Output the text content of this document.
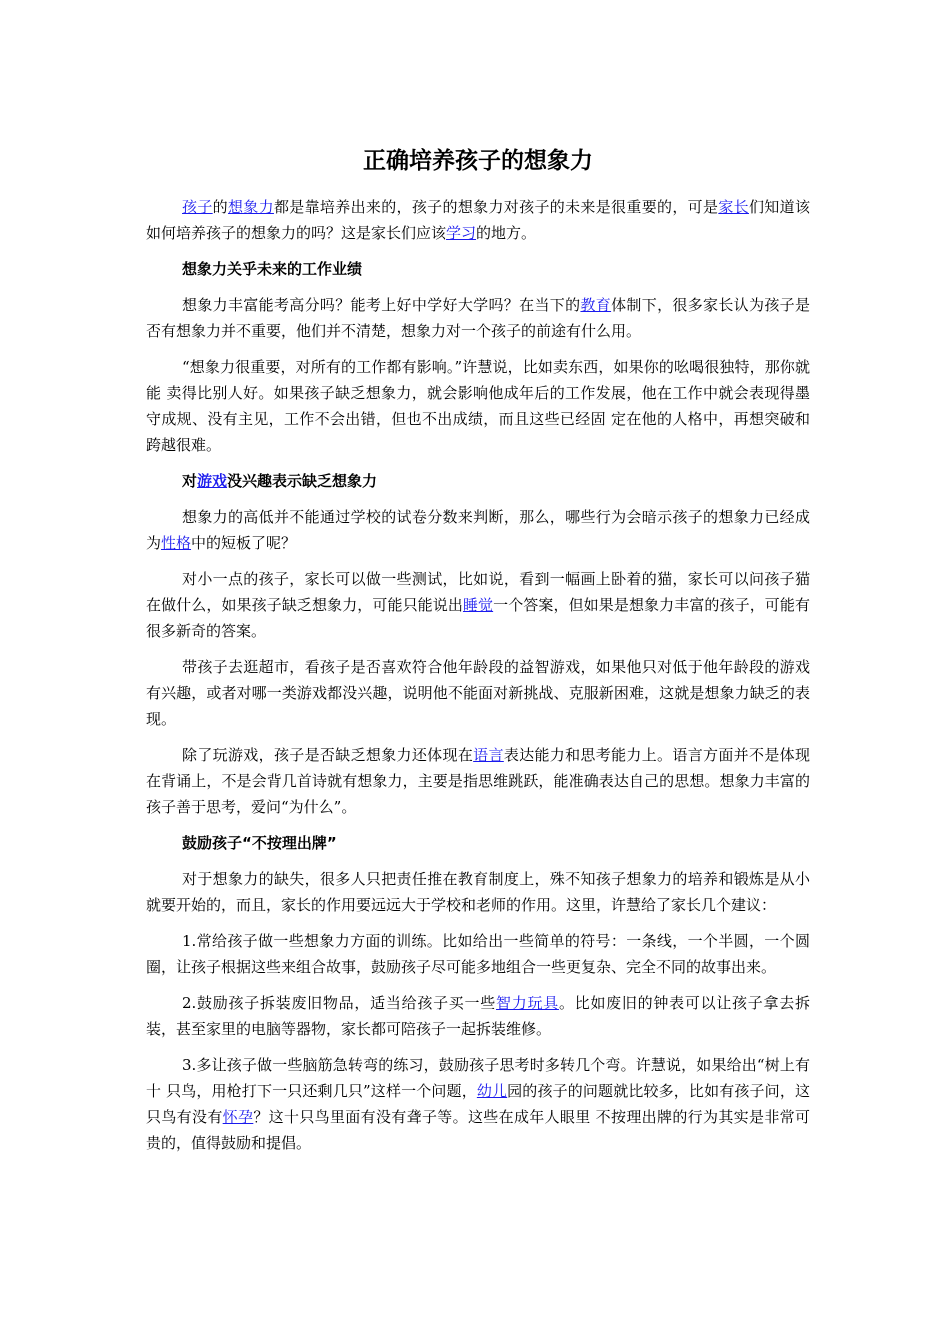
正确培养孩子的想象力

孩子的想象力都是靠培养出来的，孩子的想象力对孩子的未来是很重要的，可是家长们知道该如何培养孩子的想象力的吗？这是家长们应该学习的地方。

想象力关乎未来的工作业绩

想象力丰富能考高分吗？能考上好中学好大学吗？在当下的教育体制下，很多家长认为孩子是否有想象力并不重要，他们并不清楚，想象力对一个孩子的前途有什么用。

“想象力很重要，对所有的工作都有影响。”许慧说，比如卖东西，如果你的吆喝很独特，那你就能 卖得比别人好。如果孩子缺乏想象力，就会影响他成年后的工作发展，他在工作中就会表现得墨守成规、没有主见，工作不会出错，但也不出成绩，而且这些已经固 定在他的人格中，再想突破和跨越很难。

对游戏没兴趣表示缺乏想象力

想象力的高低并不能通过学校的试卷分数来判断，那么，哪些行为会暗示孩子的想象力已经成为性格中的短板了呢？

对小一点的孩子，家长可以做一些测试，比如说，看到一幅画上卧着的猫，家长可以问孩子猫在做什么，如果孩子缺乏想象力，可能只能说出睡觉一个答案，但如果是想象力丰富的孩子，可能有很多新奇的答案。

带孩子去逛超市，看孩子是否喜欢符合他年龄段的益智游戏，如果他只对低于他年龄段的游戏有兴趣，或者对哪一类游戏都没兴趣，说明他不能面对新挑战、克服新困难，这就是想象力缺乏的表现。

除了玩游戏，孩子是否缺乏想象力还体现在语言表达能力和思考能力上。语言方面并不是体现在背诵上，不是会背几首诗就有想象力，主要是指思维跳跃，能准确表达自己的思想。想象力丰富的孩子善于思考，爱问“为什么”。

鼓励孩子“不按理出牌”

对于想象力的缺失，很多人只把责任推在教育制度上，殊不知孩子想象力的培养和锻炼是从小就要开始的，而且，家长的作用要远远大于学校和老师的作用。这里，许慧给了家长几个建议：

1.常给孩子做一些想象力方面的训练。比如给出一些简单的符号：一条线，一个半圆，一个圆圈，让孩子根据这些来组合故事，鼓励孩子尽可能多地组合一些更复杂、完全不同的故事出来。

2.鼓励孩子拆装废旧物品，适当给孩子买一些智力玩具。比如废旧的钟表可以让孩子拿去拆装，甚至家里的电脑等器物，家长都可陪孩子一起拆装维修。

3.多让孩子做一些脑筋急转弯的练习，鼓励孩子思考时多转几个弯。许慧说，如果给出“树上有十 只鸟，用枪打下一只还剩几只”这样一个问题，幼儿园的孩子的问题就比较多，比如有孩子问，这只鸟有没有怀孕？这十只鸟里面有没有聋子等。这些在成年人眼里 不按理出牌的行为其实是非常可贵的，值得鼓励和提倡。
